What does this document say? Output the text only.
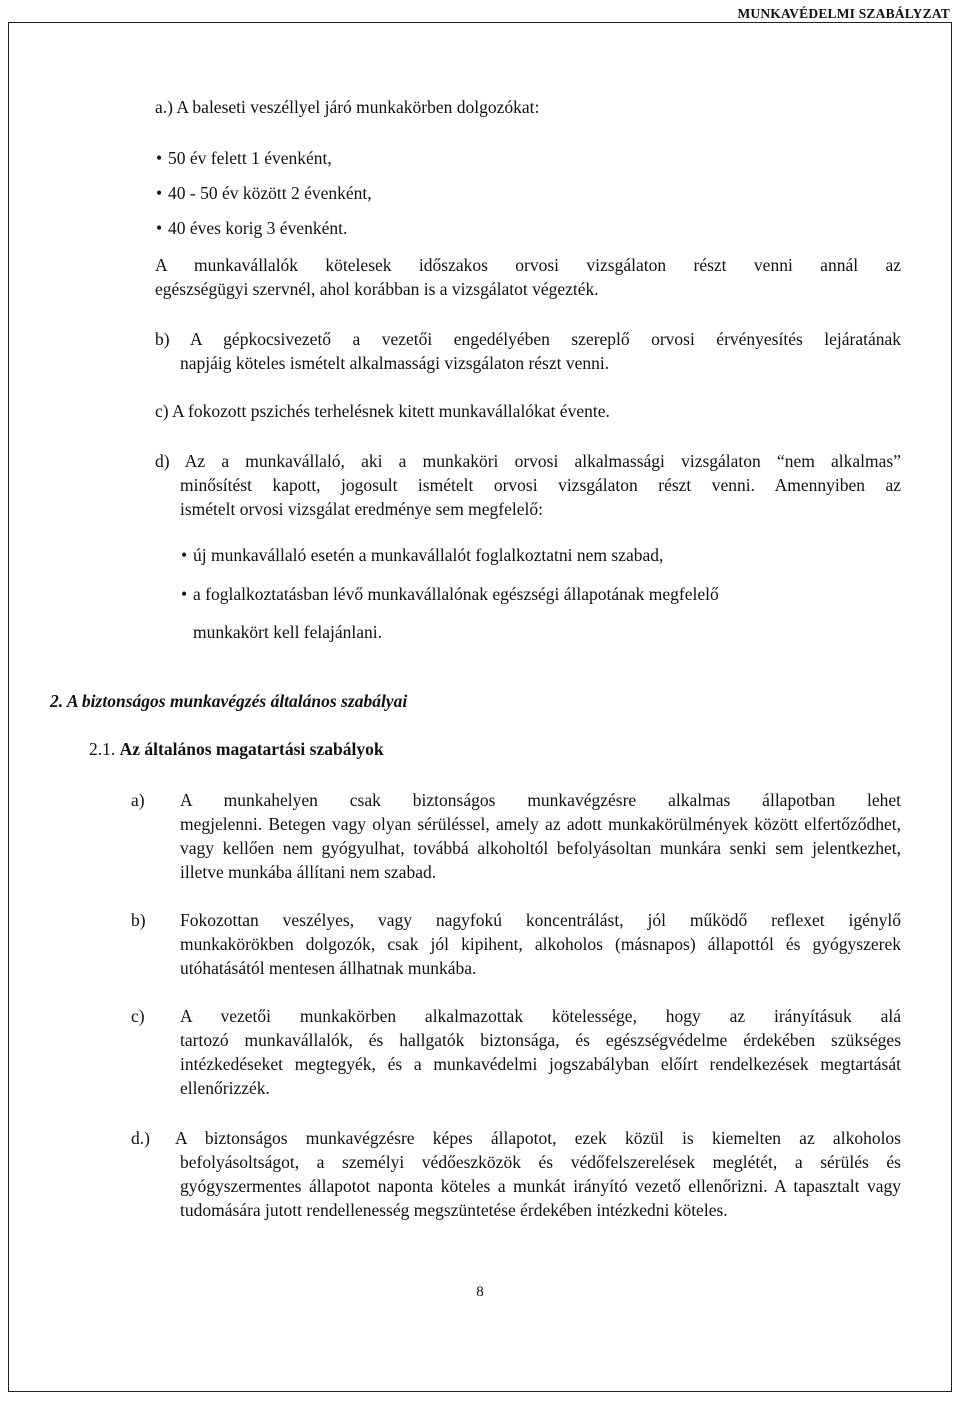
MUNKAVÉDELMI SZABÁLYZAT
a.) A baleseti veszéllyel járó munkakörben dolgozókat:
• 50 év felett 1 évenként,
• 40 - 50 év között 2 évenként,
• 40 éves korig 3 évenként.
A munkavállalók kötelesek időszakos orvosi vizsgálaton részt venni annál az
egészségügyi szervnél, ahol korábban is a vizsgálatot végezték.
b) A gépkocsivezető a vezetői engedélyében szereplő orvosi érvényesítés lejáratának
napjáig köteles ismételt alkalmassági vizsgálaton részt venni.
c) A fokozott pszichés terhelésnek kitett munkavállalókat évente.
d) Az a munkavállaló, aki a munkaköri orvosi alkalmassági vizsgálaton “nem alkalmas”
minősítést kapott, jogosult ismételt orvosi vizsgálaton részt venni. Amennyiben az
ismételt orvosi vizsgálat eredménye sem megfelelő:
• új munkavállaló esetén a munkavállalót foglalkoztatni nem szabad,
• a foglalkoztatásban lévő munkavállalónak egészségi állapotának megfelelő
munkakört kell felajánlani.
2. A biztonságos munkavégzés általános szabályai
2.1. Az általános magatartási szabályok
a)	A munkahelyen csak biztonságos munkavégzésre alkalmas állapotban lehet
megjelenni. Betegen vagy olyan sérüléssel, amely az adott munkakörülmények között elfertőződhet, vagy kellően nem gyógyulhat, továbbá alkoholtól befolyásoltan munkára senki sem jelentkezhet, illetve munkába állítani nem szabad.
b)	Fokozottan veszélyes, vagy nagyfokú koncentrálást, jól működő reflexet igénylő
munkakörökben dolgozók, csak jól kipihent, alkoholos (másnapos) állapottól és gyógyszerek utóhatásától mentesen állhatnak munkába.
c)	A vezetői munkakörben alkalmazottak kötelessége, hogy az irányításuk alá
tartozó munkavállalók, és hallgatók biztonsága, és egészségvédelme érdekében szükséges intézkedéseket megtegyék, és a munkavédelmi jogszabályban előírt rendelkezések megtartását ellenőrizzék.
d.)	A biztonságos munkavégzésre képes állapotot, ezek közül is kiemelten az alkoholos
befolyásoltságot, a személyi védőeszközök és védőfelszerelések meglétét, a sérülés és gyógyszermentes állapotot naponta köteles a munkát irányító vezető ellenőrizni. A tapasztalt vagy tudomására jutott rendellenesség megszüntetése érdekében intézkedni köteles.
8
